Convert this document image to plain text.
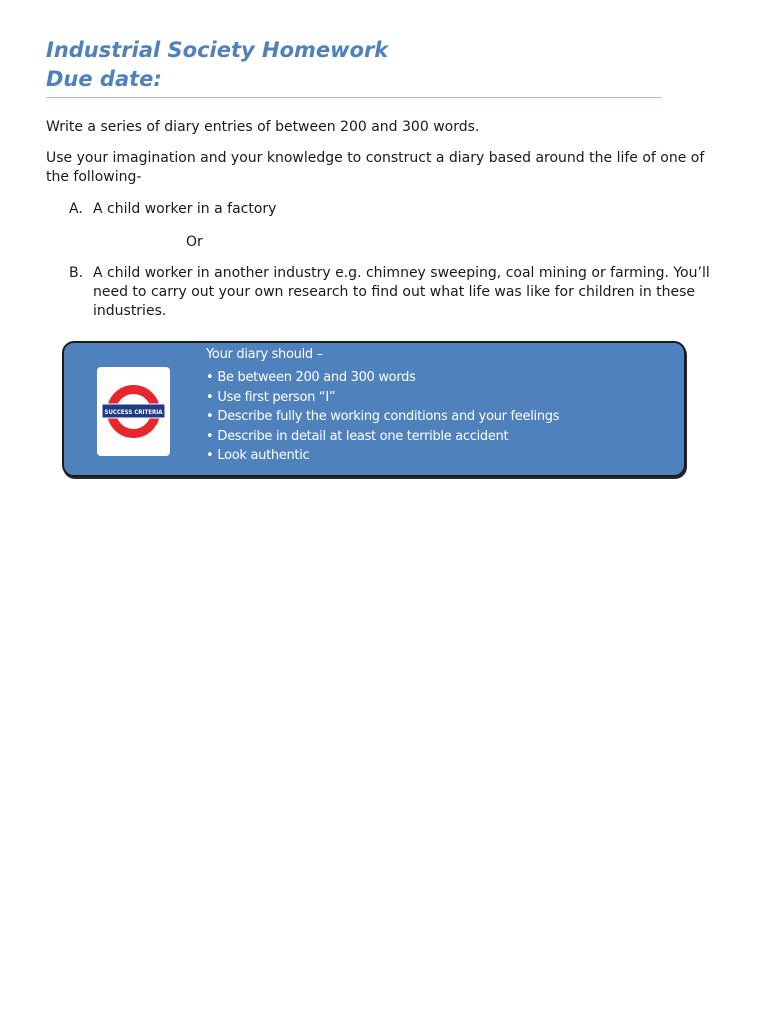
Industrial Society Homework
Due date:

Write a series of diary entries of between 200 and 300 words.

Use your imagination and your knowledge to construct a diary based around the life of one of the following-

A. A child worker in a factory
Or
B. A child worker in another industry e.g. chimney sweeping, coal mining or farming. You’ll need to carry out your own research to find out what life was like for children in these industries.
SUCCESS CRITERIA
Your diary should –
• Be between 200 and 300 words
• Use first person “I”
• Describe fully the working conditions and your feelings
• Describe in detail at least one terrible accident
• Look authentic
